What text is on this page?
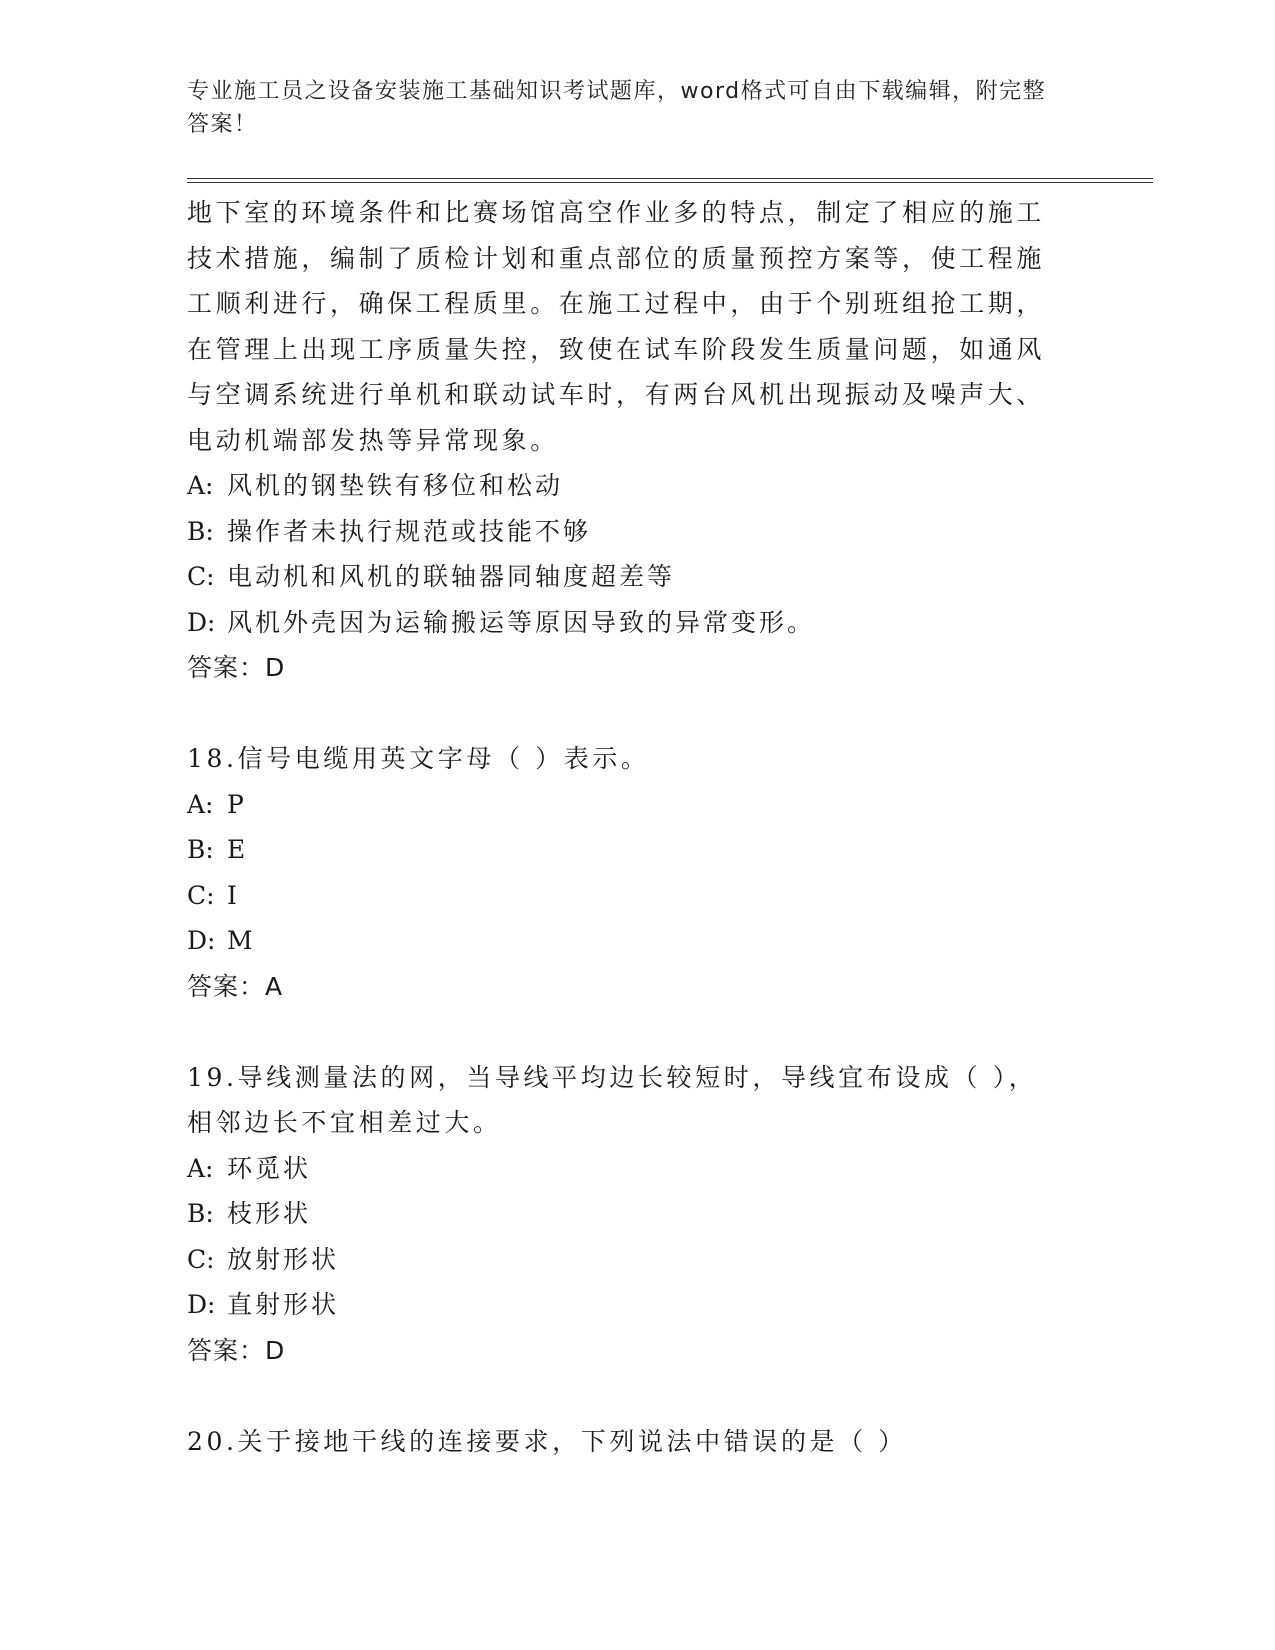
专业施工员之设备安装施工基础知识考试题库，word格式可自由下载编辑，附完整答案！

地下室的环境条件和比赛场馆高空作业多的特点，制定了相应的施工

技术措施，编制了质检计划和重点部位的质量预控方案等，使工程施

工顺利进行，确保工程质里。在施工过程中，由于个别班组抢工期，

在管理上出现工序质量失控，致使在试车阶段发生质量问题，如通风

与空调系统进行单机和联动试车时，有两台风机出现振动及噪声大、

电动机端部发热等异常现象。

A: 风机的钢垫铁有移位和松动

B: 操作者未执行规范或技能不够

C: 电动机和风机的联轴器同轴度超差等

D: 风机外壳因为运输搬运等原因导致的异常变形。

答案：D

18.信号电缆用英文字母（ ）表示。

A: P

B: E

C: I

D: M

答案：A

19.导线测量法的网，当导线平均边长较短时，导线宜布设成（ ），

相邻边长不宜相差过大。

A: 环觅状

B: 枝形状

C: 放射形状

D: 直射形状

答案：D

20.关于接地干线的连接要求，下列说法中错误的是（ ）
